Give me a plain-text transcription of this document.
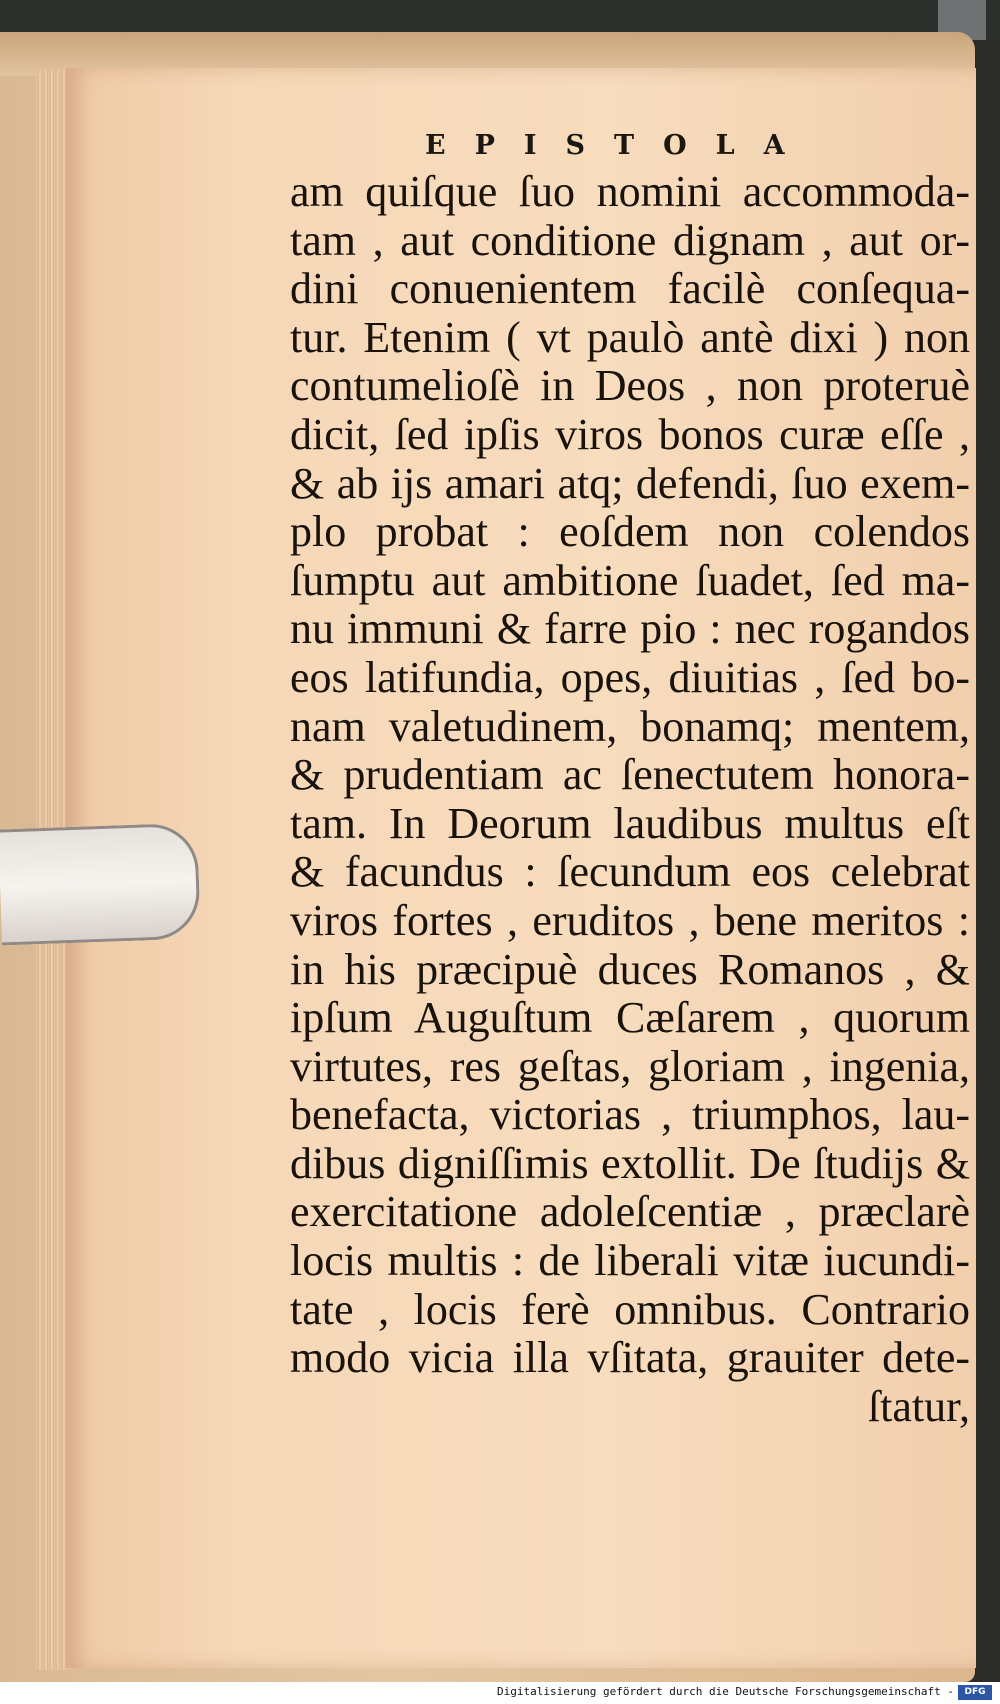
EPISTOLA
am quiſque ſuo nomini accommoda-
tam , aut conditione dignam , aut or-
dini conuenientem facilè conſequa-
tur. Etenim ( vt paulò antè dixi ) non
contumelioſè in Deos , non proteruè
dicit, ſed ipſis viros bonos curæ eſſe ,
& ab ijs amari atq; defendi, ſuo exem-
plo probat : eoſdem non colendos
ſumptu aut ambitione ſuadet, ſed ma-
nu immuni & farre pio : nec rogandos
eos latifundia, opes, diuitias , ſed bo-
nam valetudinem, bonamq; mentem,
& prudentiam ac ſenectutem honora-
tam. In Deorum laudibus multus eſt
& facundus : ſecundum eos celebrat
viros fortes , eruditos , bene meritos :
in his præcipuè duces Romanos , &
ipſum Auguſtum Cæſarem , quorum
virtutes, res geſtas, gloriam , ingenia,
benefacta, victorias , triumphos, lau-
dibus digniſſimis extollit. De ſtudijs &
exercitatione adoleſcentiæ , præclarè
locis multis : de liberali vitæ iucundi-
tate , locis ferè omnibus. Contrario
modo vicia illa vſitata, grauiter dete-
ſtatur,
Digitalisierung gefördert durch die Deutsche Forschungsgemeinschaft -	DFG
